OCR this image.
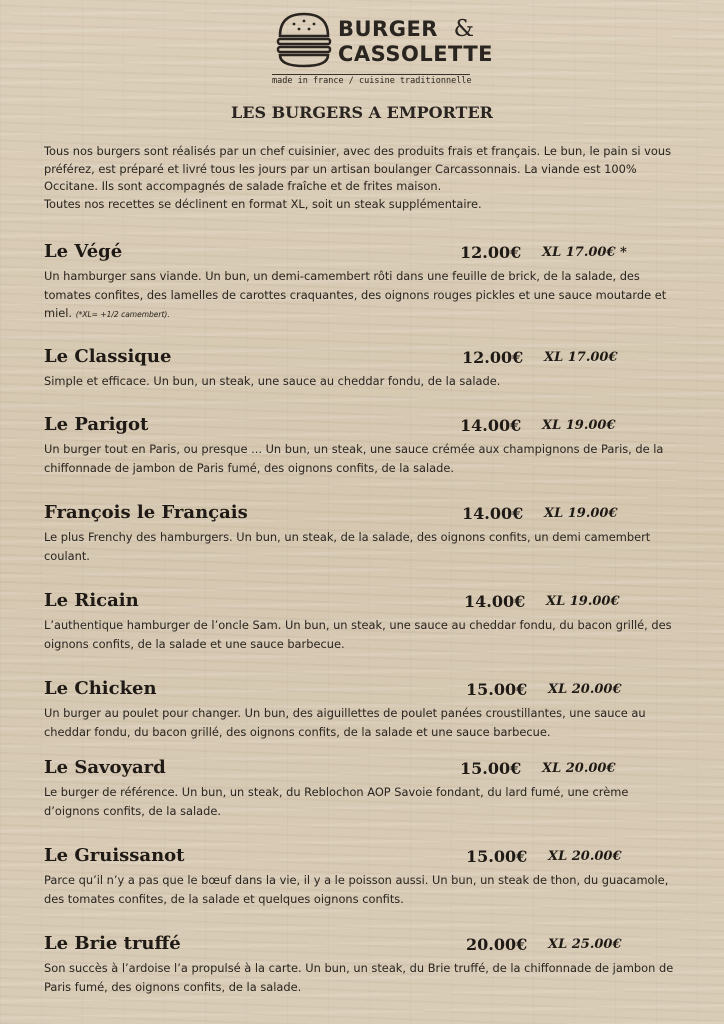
BURGER &
CASSOLETTE
made in france / cuisine traditionnelle
LES BURGERS A EMPORTER

Tous nos burgers sont réalisés par un chef cuisinier, avec des produits frais et français. Le bun, le pain si vous préférez, est préparé et livré tous les jours par un artisan boulanger Carcassonnais. La viande est 100% Occitane. Ils sont accompagnés de salade fraîche et de frites maison.

Toutes nos recettes se déclinent en format XL, soit un steak supplémentaire.

Le Végé	12.00€ XL 17.00€ *
Un hamburger sans viande. Un bun, un demi-camembert rôti dans une feuille de brick, de la salade, des tomates confites, des lamelles de carottes craquantes, des oignons rouges pickles et une sauce moutarde et miel. (*XL= +1/2 camembert).
Le Classique	12.00€ XL 17.00€
Simple et efficace. Un bun, un steak, une sauce au cheddar fondu, de la salade.
Le Parigot	14.00€ XL 19.00€
Un burger tout en Paris, ou presque ... Un bun, un steak, une sauce crémée aux champignons de Paris, de la chiffonnade de jambon de Paris fumé, des oignons confits, de la salade.
François le Français	14.00€ XL 19.00€
Le plus Frenchy des hamburgers. Un bun, un steak, de la salade, des oignons confits, un demi camembert coulant.
Le Ricain	14.00€ XL 19.00€
L’authentique hamburger de l’oncle Sam. Un bun, un steak, une sauce au cheddar fondu, du bacon grillé, des oignons confits, de la salade et une sauce barbecue.
Le Chicken	15.00€ XL 20.00€
Un burger au poulet pour changer. Un bun, des aiguillettes de poulet panées croustillantes, une sauce au cheddar fondu, du bacon grillé, des oignons confits, de la salade et une sauce barbecue.
Le Savoyard	15.00€ XL 20.00€
Le burger de référence. Un bun, un steak, du Reblochon AOP Savoie fondant, du lard fumé, une crème d’oignons confits, de la salade.
Le Gruissanot	15.00€ XL 20.00€
Parce qu’il n’y a pas que le bœuf dans la vie, il y a le poisson aussi. Un bun, un steak de thon, du guacamole, des tomates confites, de la salade et quelques oignons confits.
Le Brie truffé	20.00€ XL 25.00€
Son succès à l’ardoise l’a propulsé à la carte. Un bun, un steak, du Brie truffé, de la chiffonnade de jambon de Paris fumé, des oignons confits, de la salade.
